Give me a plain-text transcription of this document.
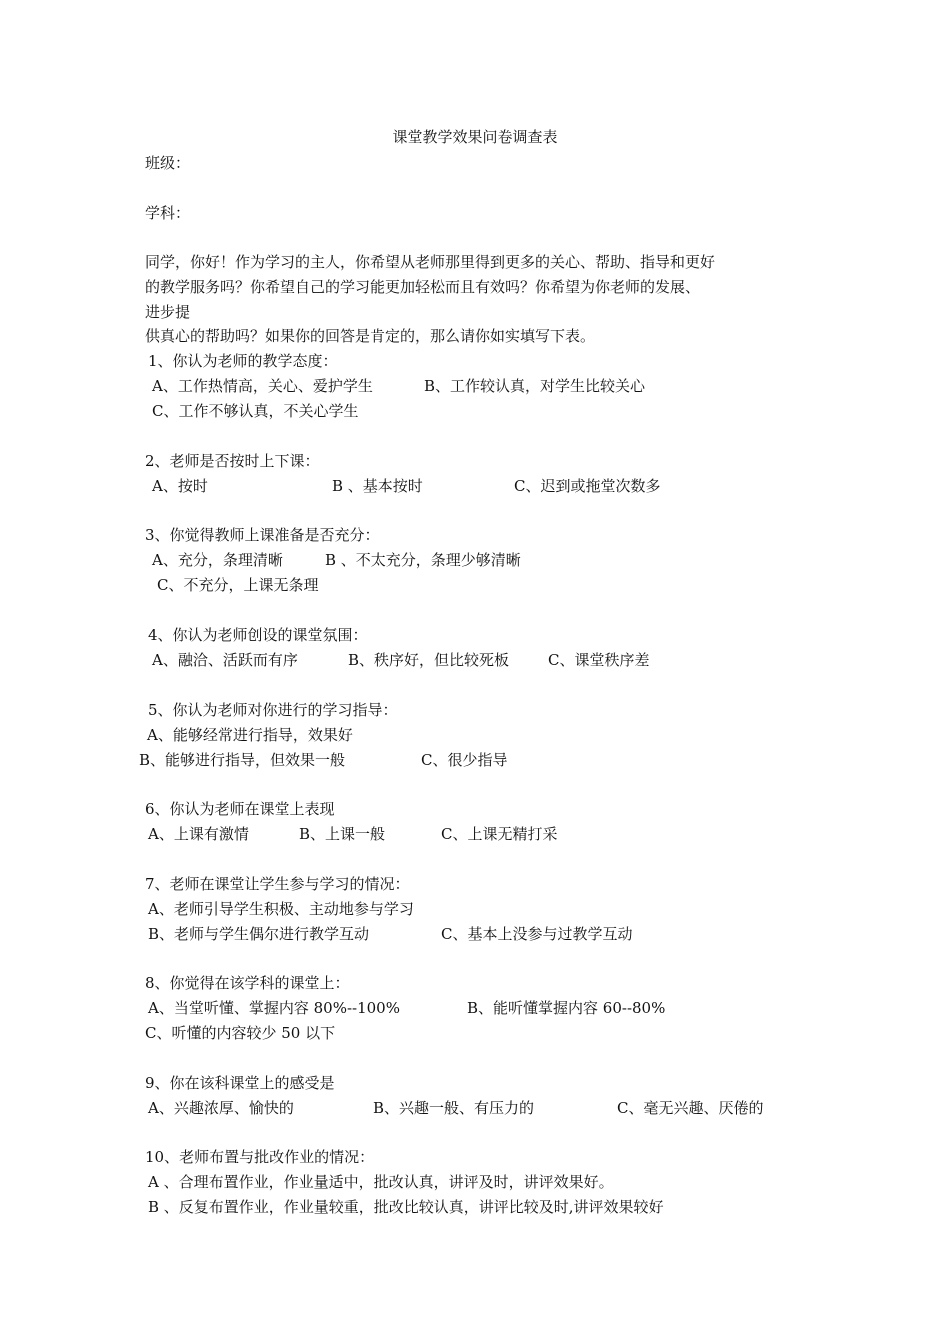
课堂教学效果问卷调查表
班级：
学科：
同学，你好！作为学习的主人，你希望从老师那里得到更多的关心、帮助、指导和更好
的教学服务吗？你希望自己的学习能更加轻松而且有效吗？你希望为你老师的发展、
进步提
供真心的帮助吗？如果你的回答是肯定的，那么请你如实填写下表。
1、你认为老师的教学态度：
A、工作热情高，关心、爱护学生	B、工作较认真，对学生比较关心
C、工作不够认真，不关心学生
2、老师是否按时上下课：
A、按时	B 、基本按时	C、迟到或拖堂次数多
3、你觉得教师上课准备是否充分：
A、充分，条理清晰	B 、不太充分，条理少够清晰
C、不充分，上课无条理
4、你认为老师创设的课堂氛围：
A、融洽、活跃而有序	B、秩序好，但比较死板	C、课堂秩序差
5、你认为老师对你进行的学习指导：
A、能够经常进行指导，效果好
B、能够进行指导，但效果一般	C、很少指导
6、你认为老师在课堂上表现
A、上课有激情	B、上课一般	C、上课无精打采
7、老师在课堂让学生参与学习的情况：
A、老师引导学生积极、主动地参与学习
B、老师与学生偶尔进行教学互动	C、基本上没参与过教学互动
8、你觉得在该学科的课堂上：
A、当堂听懂、掌握内容 80%--100%	B、能听懂掌握内容 60--80%
C、听懂的内容较少 50 以下
9、你在该科课堂上的感受是
A、兴趣浓厚、愉快的	B、兴趣一般、有压力的	C、毫无兴趣、厌倦的
10、老师布置与批改作业的情况：
A 、合理布置作业，作业量适中，批改认真，讲评及时，讲评效果好。
B 、反复布置作业，作业量较重，批改比较认真，讲评比较及时,讲评效果较好
